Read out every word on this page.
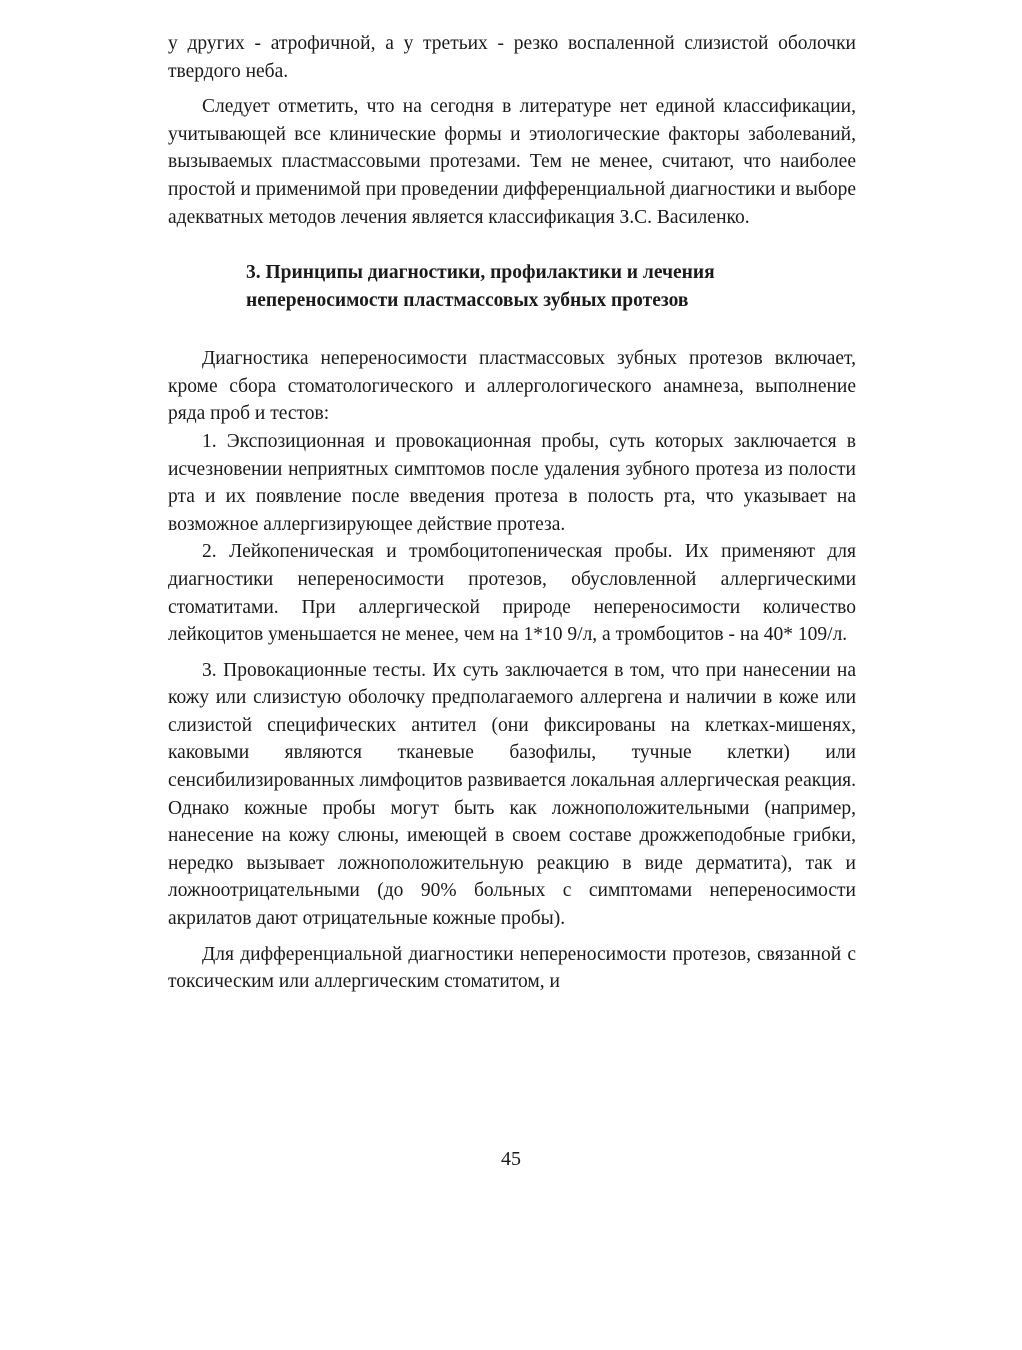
у других - атрофичной, а у третьих - резко воспаленной слизистой оболочки твердого неба.

Следует отметить, что на сегодня в литературе нет единой классификации, учитывающей все клинические формы и этиологические факторы заболеваний, вызываемых пластмассовыми протезами. Тем не менее, считают, что наиболее простой и применимой при проведении дифференциальной диагностики и выборе адекватных методов лечения является классификация З.С. Василенко.

3. Принципы диагностики, профилактики и лечения
непереносимости пластмассовых зубных протезов

Диагностика непереносимости пластмассовых зубных протезов включает, кроме сбора стоматологического и аллергологического анамнеза, выполнение ряда проб и тестов:

1. Экспозиционная и провокационная пробы, суть которых заключается в исчезновении неприятных симптомов после удаления зубного протеза из полости рта и их появление после введения протеза в полость рта, что указывает на возможное аллергизирующее действие протеза.

2. Лейкопеническая и тромбоцитопеническая пробы. Их применяют для диагностики непереносимости протезов, обусловленной аллергическими стоматитами. При аллергической природе непереносимости количество лейкоцитов уменьшается не менее, чем на 1*10 9/л, а тромбоцитов - на 40* 109/л.

3. Провокационные тесты. Их суть заключается в том, что при нанесении на кожу или слизистую оболочку предполагаемого аллергена и наличии в коже или слизистой специфических антител (они фиксированы на клетках-мишенях, каковыми являются тканевые базофилы, тучные клетки) или сенсибилизированных лимфоцитов развивается локальная аллергическая реакция. Однако кожные пробы могут быть как ложноположительными (например, нанесение на кожу слюны, имеющей в своем составе дрожжеподобные грибки, нередко вызывает ложноположительную реакцию в виде дерматита), так и ложноотрицательными (до 90% больных с симптомами непереносимости акрилатов дают отрицательные кожные пробы).

Для дифференциальной диагностики непереносимости протезов, связанной с токсическим или аллергическим стоматитом, и

45
